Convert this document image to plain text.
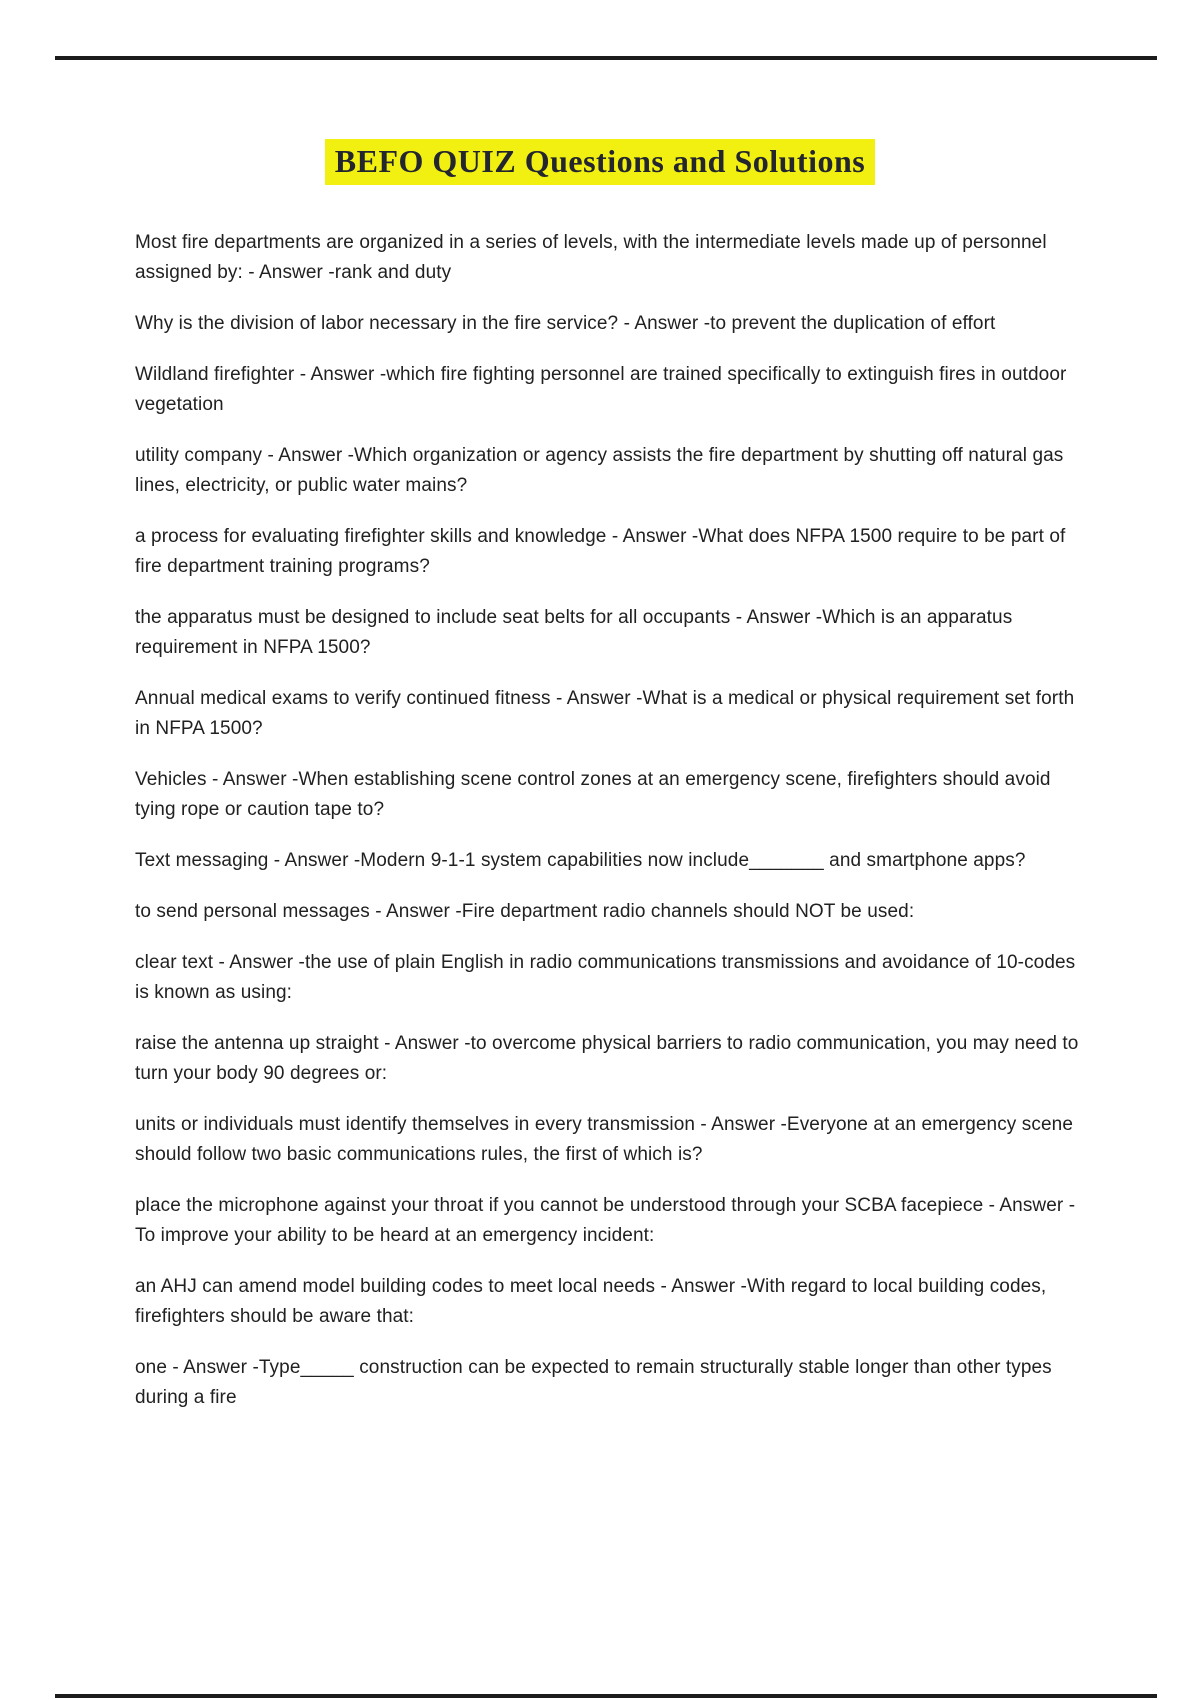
BEFO QUIZ Questions and Solutions

Most fire departments are organized in a series of levels, with the intermediate levels made up of personnel assigned by: - Answer -rank and duty

Why is the division of labor necessary in the fire service? - Answer -to prevent the duplication of effort

Wildland firefighter - Answer -which fire fighting personnel are trained specifically to extinguish fires in outdoor vegetation

utility company - Answer -Which organization or agency assists the fire department by shutting off natural gas lines, electricity, or public water mains?

a process for evaluating firefighter skills and knowledge - Answer -What does NFPA 1500 require to be part of fire department training programs?

the apparatus must be designed to include seat belts for all occupants - Answer -Which is an apparatus requirement in NFPA 1500?

Annual medical exams to verify continued fitness - Answer -What is a medical or physical requirement set forth in NFPA 1500?

Vehicles - Answer -When establishing scene control zones at an emergency scene, firefighters should avoid tying rope or caution tape to?

Text messaging - Answer -Modern 9-1-1 system capabilities now include_______ and smartphone apps?

to send personal messages - Answer -Fire department radio channels should NOT be used:

clear text - Answer -the use of plain English in radio communications transmissions and avoidance of 10-codes is known as using:

raise the antenna up straight - Answer -to overcome physical barriers to radio communication, you may need to turn your body 90 degrees or:

units or individuals must identify themselves in every transmission - Answer -Everyone at an emergency scene should follow two basic communications rules, the first of which is?

place the microphone against your throat if you cannot be understood through your SCBA facepiece - Answer -To improve your ability to be heard at an emergency incident:

an AHJ can amend model building codes to meet local needs - Answer -With regard to local building codes, firefighters should be aware that:

one - Answer -Type_____ construction can be expected to remain structurally stable longer than other types during a fire
